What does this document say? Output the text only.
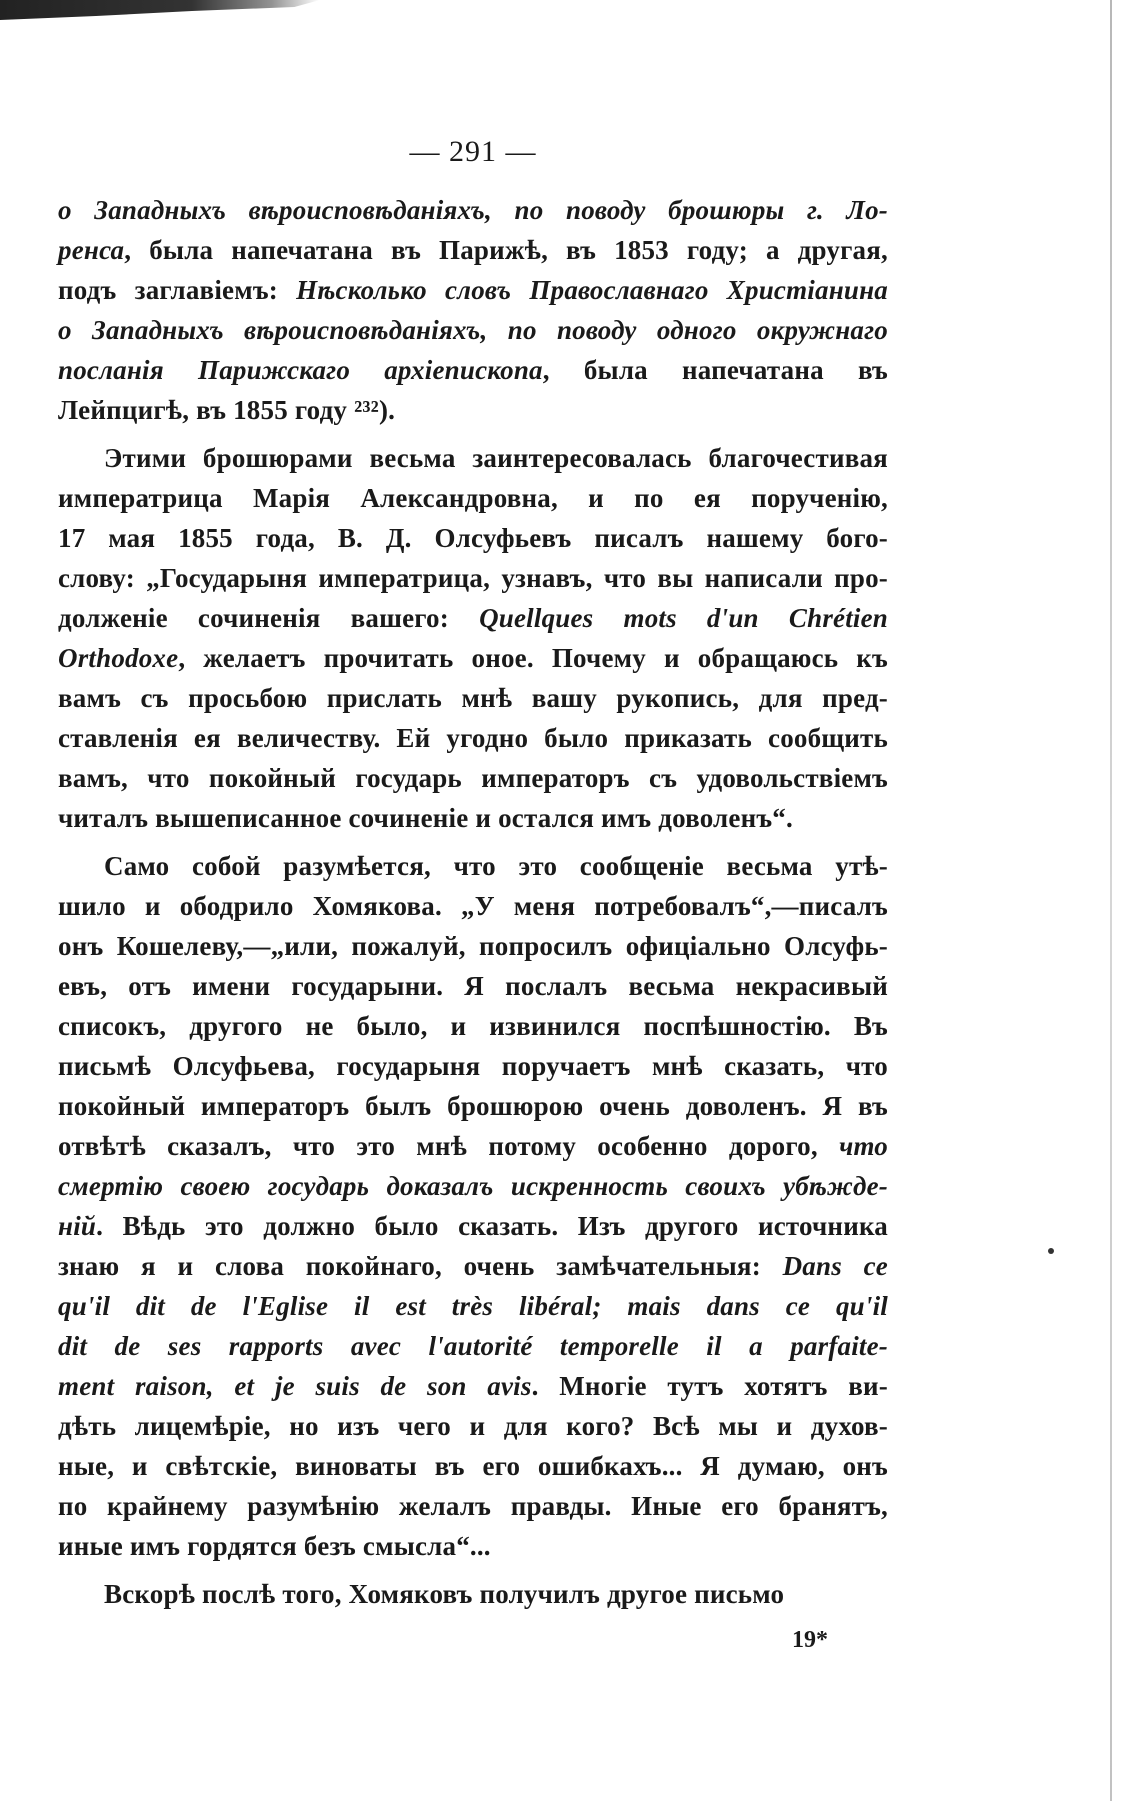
— 291 —
о Западныхъ вѣроисповѣданіяхъ, по поводу брошюры г. Ло-
ренса, была напечатана въ Парижѣ, въ 1853 году; а другая,
подъ заглавіемъ: Нѣсколько словъ Православнаго Христіанина
о Западныхъ вѣроисповѣданіяхъ, по поводу одного окружнаго
посланія Парижскаго архіепископа, была напечатана въ
Лейпцигѣ, въ 1855 году ²³²).
Этими брошюрами весьма заинтересовалась благочестивая
императрица Марія Александровна, и по ея порученію,
17 мая 1855 года, В. Д. Олсуфьевъ писалъ нашему бого-
слову: „Государыня императрица, узнавъ, что вы написали про-
долженіе сочиненія вашего: Quellques mots d'un Chrétien
Orthodoxe, желаетъ прочитать оное. Почему и обращаюсь къ
вамъ съ просьбою прислать мнѣ вашу рукопись, для пред-
ставленія ея величеству. Ей угодно было приказать сообщить
вамъ, что покойный государь императоръ съ удовольствіемъ
читалъ вышеписанное сочиненіе и остался имъ доволенъ“.
Само собой разумѣется, что это сообщеніе весьма утѣ-
шило и ободрило Хомякова. „У меня потребовалъ“,—писалъ
онъ Кошелеву,—„или, пожалуй, попросилъ офиціально Олсуфь-
евъ, отъ имени государыни. Я послалъ весьма некрасивый
списокъ, другого не было, и извинился поспѣшностію. Въ
письмѣ Олсуфьева, государыня поручаетъ мнѣ сказать, что
покойный императоръ былъ брошюрою очень доволенъ. Я въ
отвѣтѣ сказалъ, что это мнѣ потому особенно дорого, что
смертію своею государь доказалъ искренность своихъ убѣжде-
ній. Вѣдь это должно было сказать. Изъ другого источника
знаю я и слова покойнаго, очень замѣчательныя: Dans ce
qu'il dit de l'Eglise il est très libéral; mais dans ce qu'il
dit de ses rapports avec l'autorité temporelle il a parfaite-
ment raison, et je suis de son avis. Многіе тутъ хотятъ ви-
дѣть лицемѣріе, но изъ чего и для кого? Всѣ мы и духов-
ные, и свѣтскіе, виноваты въ его ошибкахъ... Я думаю, онъ
по крайнему разумѣнію желалъ правды. Иные его бранятъ,
иные имъ гордятся безъ смысла“...
Вскорѣ послѣ того, Хомяковъ получилъ другое письмо
19*
